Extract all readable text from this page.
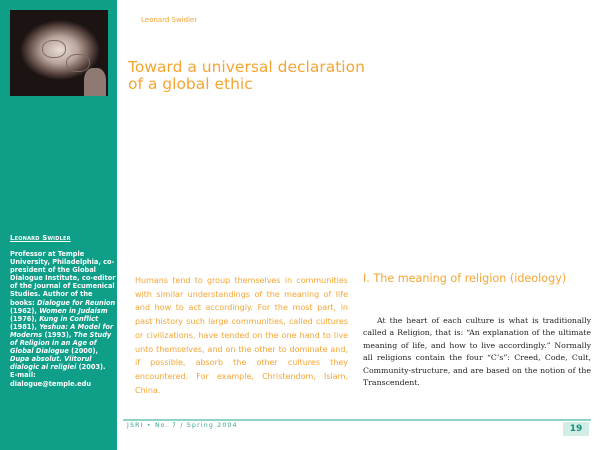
Leonard Swidler
Professor at Temple University, Philadelphia, co-president of the Global Dialogue Institute, co-editor of the Journal of Ecumenical Studies. Author of the books: Dialogue for Reunion (1962), Women in Judaism (1976), Kung in Conflict (1981), Yeshua: A Model for Moderns (1993), The Study of Religion in an Age of Global Dialogue (2000), Dupa absolut. Viitorul dialogic al religiei (2003).
E-mail:
dialogue@temple.edu
Leonard Swidler
Toward a universal declaration
of a global ethic
Humans tend to group themselves in communities with similar understandings of the meaning of life and how to act accordingly. For the most part, in past history such large communities, called cultures or civilizations, have tended on the one hand to live unto themselves, and on the other to dominate and, if possible, absorb the other cultures they encountered. For example, Christendom, Islam, China.
I. The meaning of religion (ideology)
At the heart of each culture is what is traditionally called a Religion, that is: “An explanation of the ultimate meaning of life, and how to live accordingly.” Normally all religions contain the four “C’s”: Creed, Code, Cult, Community-structure, and are based on the notion of the Transcendent.
JSRI • No. 7 / Spring 2004	19
